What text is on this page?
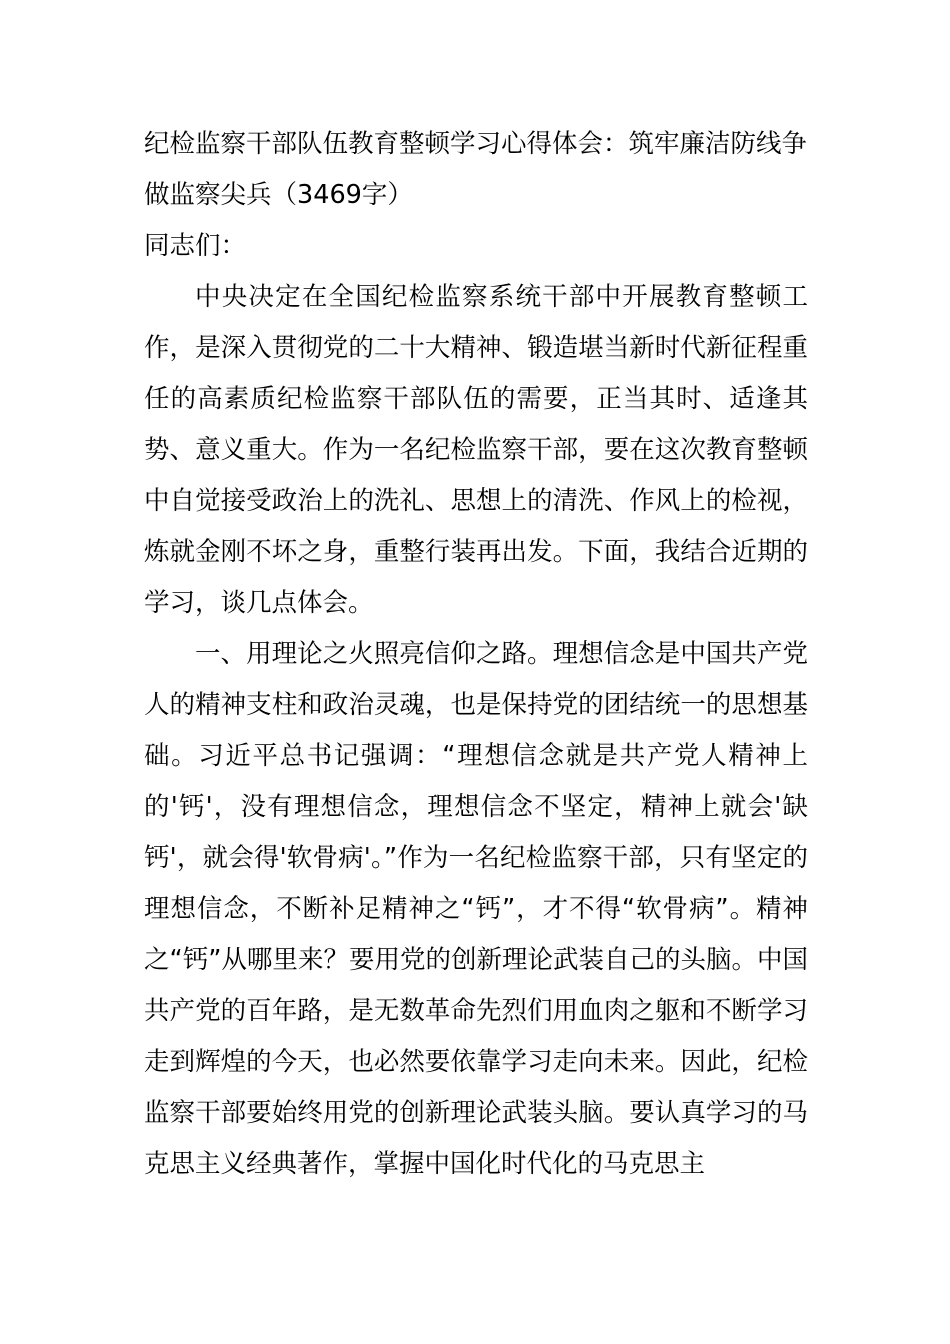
纪检监察干部队伍教育整顿学习心得体会：筑牢廉洁防线争做监察尖兵（3469字）
同志们：

中央决定在全国纪检监察系统干部中开展教育整顿工作，是深入贯彻党的二十大精神、锻造堪当新时代新征程重任的高素质纪检监察干部队伍的需要，正当其时、适逢其势、意义重大。作为一名纪检监察干部，要在这次教育整顿中自觉接受政治上的洗礼、思想上的清洗、作风上的检视，炼就金刚不坏之身，重整行装再出发。下面，我结合近期的学习，谈几点体会。

一、用理论之火照亮信仰之路。理想信念是中国共产党人的精神支柱和政治灵魂，也是保持党的团结统一的思想基础。习近平总书记强调：“理想信念就是共产党人精神上的'钙'，没有理想信念，理想信念不坚定，精神上就会'缺钙'，就会得'软骨病'。”作为一名纪检监察干部，只有坚定的理想信念，不断补足精神之“钙”，才不得“软骨病”。精神之“钙”从哪里来？要用党的创新理论武装自己的头脑。中国共产党的百年路，是无数革命先烈们用血肉之躯和不断学习走到辉煌的今天，也必然要依靠学习走向未来。因此，纪检监察干部要始终用党的创新理论武装头脑。要认真学习的马克思主义经典著作，掌握中国化时代化的马克思主
